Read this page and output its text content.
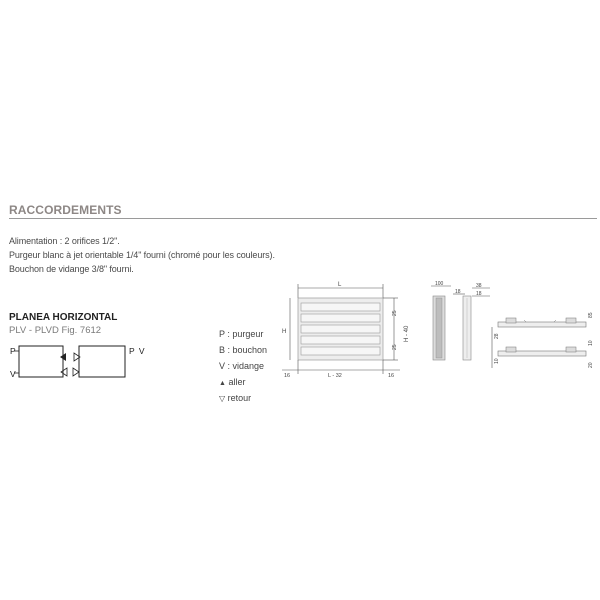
RACCORDEMENTS
Alimentation : 2 orifices 1/2".
Purgeur blanc à jet orientable 1/4" fourni (chromé pour les couleurs).
Bouchon de vidange 3/8" fourni.
PLANEA HORIZONTAL
PLV - PLVD Fig. 7612
P
V
P V
P : purgeur
B : bouchon
V : vidange
▲ aller
▽ retour
L
H
25
25
H - 40
16	L - 32	16
100
18
38
18
28
10
85
10
20
